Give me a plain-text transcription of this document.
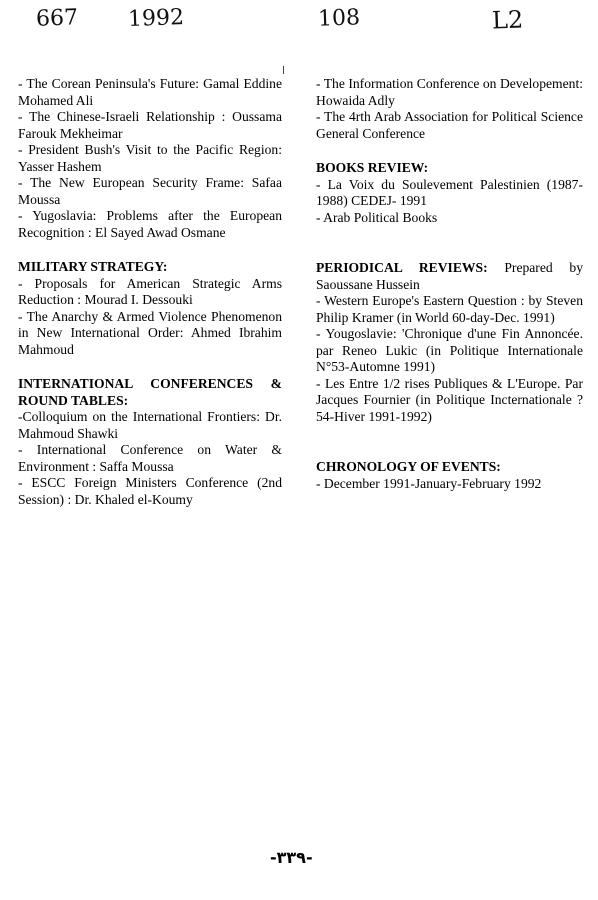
667 1992	108	L2
- The Corean Peninsula's Future: Gamal Eddine Mohamed Ali
- The Chinese-Israeli Relationship : Oussama Farouk Mekheimar
- President Bush's Visit to the Pacific Region: Yasser Hashem
- The New European Security Frame: Safaa Moussa
- Yugoslavia: Problems after the European Recognition : El Sayed Awad Osmane
MILITARY STRATEGY:
- Proposals for American Strategic Arms Reduction : Mourad I. Dessouki
- The Anarchy & Armed Violence Phenomenon in New International Order: Ahmed Ibrahim Mahmoud
INTERNATIONAL CONFERENCES &
ROUND TABLES:
-Colloquium on the International Frontiers: Dr. Mahmoud Shawki
- International Conference on Water & Environment : Saffa Moussa
- ESCC Foreign Ministers Conference (2nd Session) : Dr. Khaled el-Koumy
- The Information Conference on Developement: Howaida Adly
- The 4rth Arab Association for Political Science General Conference
BOOKS REVIEW:
- La Voix du Soulevement Palestinien (1987-1988) CEDEJ- 1991
- Arab Political Books
PERIODICAL REVIEWS: Prepared by Saoussane Hussein
- Western Europe's Eastern Question : by Steven Philip Kramer (in World 60-day-Dec. 1991)
- Yougoslavie: 'Chronique d'une Fin Annoncée. par Reneo Lukic (in Politique Internationale N°53-Automne 1991)
- Les Entre 1/2 rises Publiques & L'Europe. Par Jacques Fournier (in Politique Incternationale ? 54-Hiver 1991-1992)
CHRONOLOGY OF EVENTS:
- December 1991-January-February 1992
-٣٣٩-
